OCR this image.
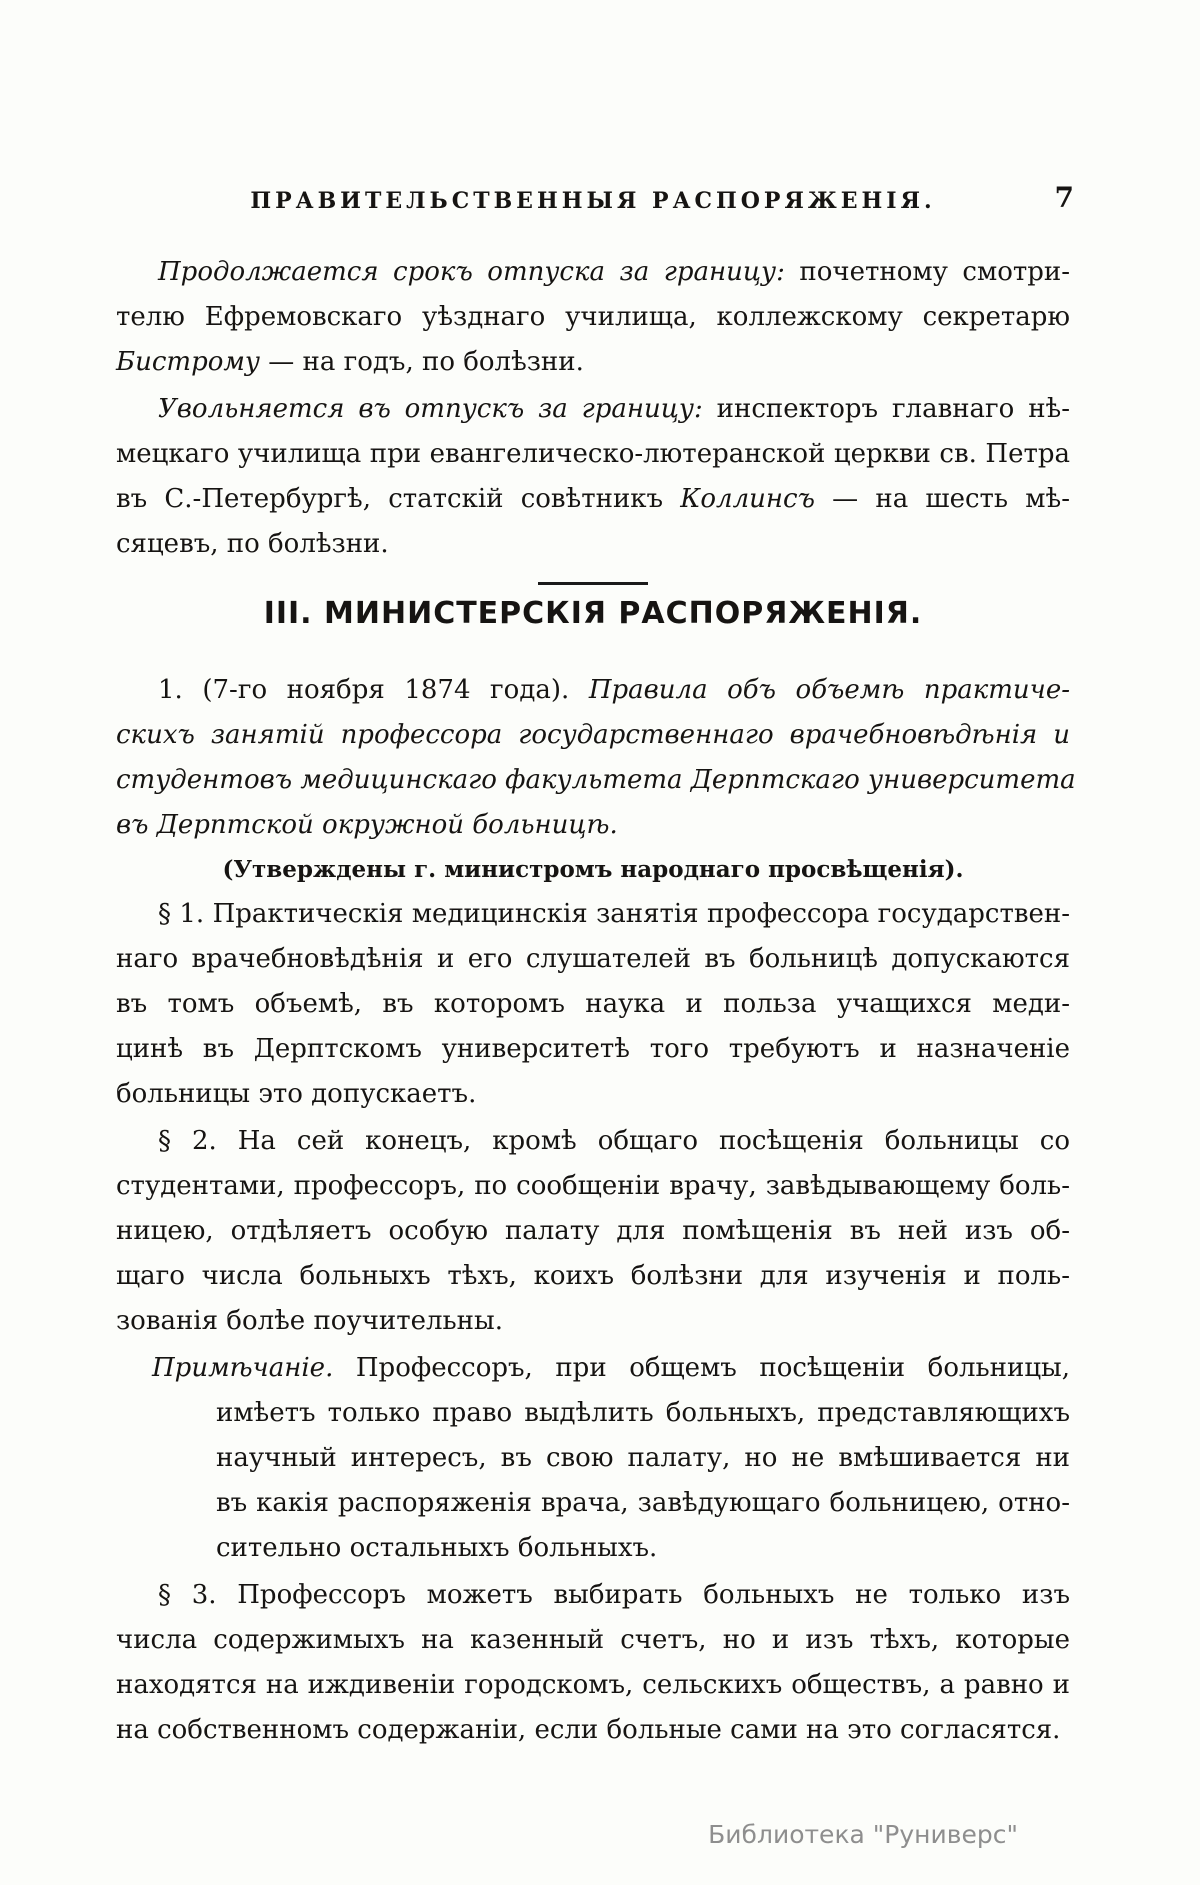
ПРАВИТЕЛЬСТВЕННЫЯ РАСПОРЯЖЕНІЯ.	7
Продолжается срокъ отпуска за границу: почетному смотри-
телю Ефремовскаго уѣзднаго училища, коллежскому секретарю
Бистрому — на годъ, по болѣзни.
Увольняется въ отпускъ за границу: инспекторъ главнаго нѣ-
мецкаго училища при евангелическо-лютеранской церкви св. Петра
въ С.-Петербургѣ, статскій совѣтникъ Коллинсъ — на шесть мѣ-
сяцевъ, по болѣзни.
III. МИНИСТЕРСКІЯ РАСПОРЯЖЕНІЯ.
1. (7-го ноября 1874 года). Правила объ объемѣ практиче-
скихъ занятій профессора государственнаго врачебновѣдѣнія и
студентовъ медицинскаго факультета Дерптскаго университета
въ Дерптской окружной больницѣ.
(Утверждены г. министромъ народнаго просвѣщенія).
§ 1. Практическія медицинскія занятія профессора государствен-
наго врачебновѣдѣнія и его слушателей въ больницѣ допускаются
въ томъ объемѣ, въ которомъ наука и польза учащихся меди-
цинѣ въ Дерптскомъ университетѣ того требуютъ и назначеніе
больницы это допускаетъ.
§ 2. На сей конецъ, кромѣ общаго посѣщенія больницы со
студентами, профессоръ, по сообщеніи врачу, завѣдывающему боль-
ницею, отдѣляетъ особую палату для помѣщенія въ ней изъ об-
щаго числа больныхъ тѣхъ, коихъ болѣзни для изученія и поль-
зованія болѣе поучительны.
Примѣчаніе. Профессоръ, при общемъ посѣщеніи больницы,
имѣетъ только право выдѣлить больныхъ, представляющихъ
научный интересъ, въ свою палату, но не вмѣшивается ни
въ какія распоряженія врача, завѣдующаго больницею, отно-
сительно остальныхъ больныхъ.
§ 3. Профессоръ можетъ выбирать больныхъ не только изъ
числа содержимыхъ на казенный счетъ, но и изъ тѣхъ, которые
находятся на иждивеніи городскомъ, сельскихъ обществъ, а равно и
на собственномъ содержаніи, если больные сами на это согласятся.
Библиотека "Руниверс"
